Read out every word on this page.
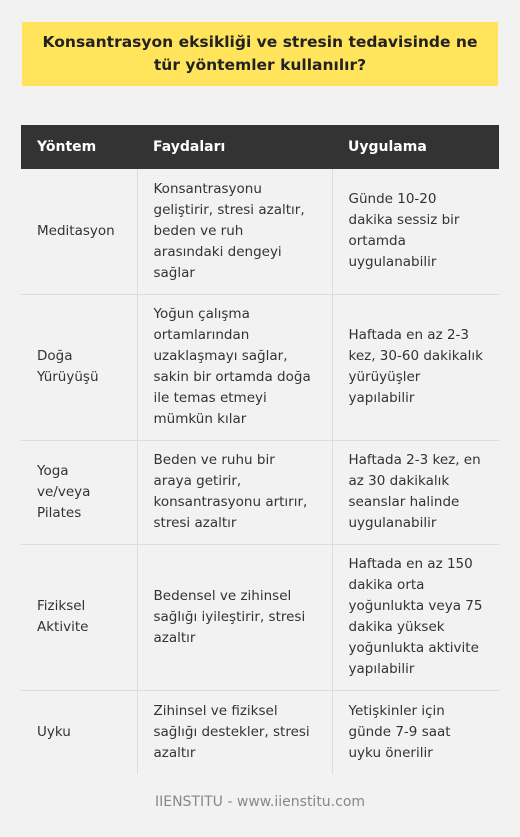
Konsantrasyon eksikliği ve stresin tedavisinde ne tür yöntemler kullanılır?
Yöntem	Faydaları	Uygulama
Meditasyon	Konsantrasyonu geliştirir, stresi azaltır, beden ve ruh arasındaki dengeyi sağlar	Günde 10-20 dakika sessiz bir ortamda uygulanabilir
Doğa Yürüyüşü	Yoğun çalışma ortamlarından uzaklaşmayı sağlar, sakin bir ortamda doğa ile temas etmeyi mümkün kılar	Haftada en az 2-3 kez, 30-60 dakikalık yürüyüşler yapılabilir
Yoga ve/veya Pilates	Beden ve ruhu bir araya getirir, konsantrasyonu artırır, stresi azaltır	Haftada 2-3 kez, en az 30 dakikalık seanslar halinde uygulanabilir
Fiziksel Aktivite	Bedensel ve zihinsel sağlığı iyileştirir, stresi azaltır	Haftada en az 150 dakika orta yoğunlukta veya 75 dakika yüksek yoğunlukta aktivite yapılabilir
Uyku	Zihinsel ve fiziksel sağlığı destekler, stresi azaltır	Yetişkinler için günde 7-9 saat uyku önerilir
IIENSTITU - www.iienstitu.com
